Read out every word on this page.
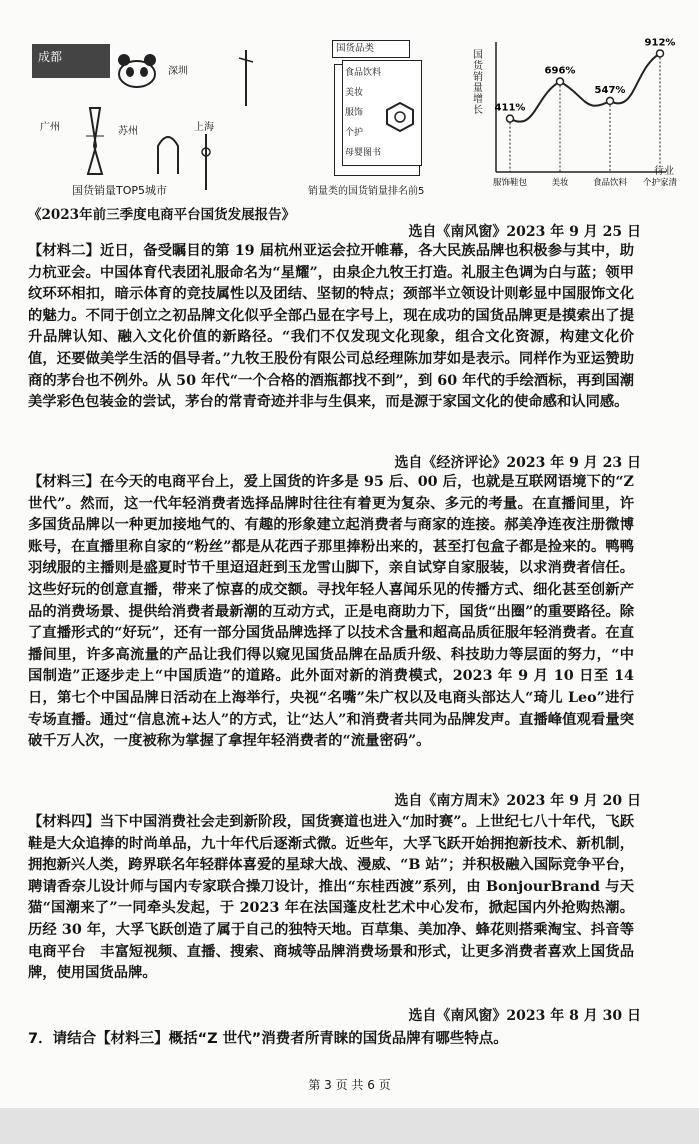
成都
深圳
广州	苏州	上海
国货销量TOP5城市
国货品类
食品饮料
美妆
服饰
个护
母婴图书
销量类的国货销量排名前5
411%
服饰鞋包
696%
美妆
547%
食品饮料
912%
个护家清
国货销量增长
行业
《2023年前三季度电商平台国货发展报告》
选自《南风窗》2023 年 9 月 25 日

【材料二】近日，备受瞩目的第 19 届杭州亚运会拉开帷幕，各大民族品牌也积极参与其中，助力杭亚会。中国体育代表团礼服命名为“星耀”，由泉企九牧王打造。礼服主色调为白与蓝；领甲纹环环相扣，暗示体育的竞技属性以及团结、坚韧的特点；颈部半立领设计则彰显中国服饰文化的魅力。不同于创立之初品牌文化似乎全部凸显在字号上，现在成功的国货品牌更是摸索出了提升品牌认知、融入文化价值的新路径。“我们不仅发现文化现象，组合文化资源，构建文化价值，还要做美学生活的倡导者。”九牧王股份有限公司总经理陈加芽如是表示。同样作为亚运赞助商的茅台也不例外。从 50 年代“一个合格的酒瓶都找不到”，到 60 年代的手绘酒标，再到国潮美学彩色包装金的尝试，茅台的常青奇迹并非与生俱来，而是源于家国文化的使命感和认同感。

选自《经济评论》2023 年 9 月 23 日

【材料三】在今天的电商平台上，爱上国货的许多是 95 后、00 后，也就是互联网语境下的“Z 世代”。然而，这一代年轻消费者选择品牌时往往有着更为复杂、多元的考量。在直播间里，许多国货品牌以一种更加接地气的、有趣的形象建立起消费者与商家的连接。郝美净连夜注册微博账号，在直播里称自家的“粉丝”都是从花西子那里捧粉出来的，甚至打包盒子都是捡来的。鸭鸭羽绒服的主播则是盛夏时节千里迢迢赶到玉龙雪山脚下，亲自试穿自家服装，以求消费者信任。这些好玩的创意直播，带来了惊喜的成交额。寻找年轻人喜闻乐见的传播方式、细化甚至创新产品的消费场景、提供给消费者最新潮的互动方式，正是电商助力下，国货“出圈”的重要路径。除了直播形式的“好玩”，还有一部分国货品牌选择了以技术含量和超高品质征服年轻消费者。在直播间里，许多高流量的产品让我们得以窥见国货品牌在品质升级、科技助力等层面的努力，“中国制造”正逐步走上“中国质造”的道路。此外面对新的消费模式，2023 年 9 月 10 日至 14 日，第七个中国品牌日活动在上海举行，央视“名嘴”朱广权以及电商头部达人“琦儿 Leo”进行专场直播。通过“信息流+达人”的方式，让“达人”和消费者共同为品牌发声。直播峰值观看量突破千万人次，一度被称为掌握了拿捏年轻消费者的“流量密码”。

选自《南方周末》2023 年 9 月 20 日

【材料四】当下中国消费社会走到新阶段，国货赛道也进入“加时赛”。上世纪七八十年代，飞跃鞋是大众追捧的时尚单品，九十年代后逐渐式微。近些年，大孚飞跃开始拥抱新技术、新机制，拥抱新兴人类，跨界联名年轻群体喜爱的星球大战、漫威、“B 站”；并积极融入国际竞争平台，聘请香奈儿设计师与国内专家联合操刀设计，推出“东桂西渡”系列，由 BonjourBrand 与天猫“国潮来了”一同牵头发起，于 2023 年在法国蓬皮杜艺术中心发布，掀起国内外抢购热潮。历经 30 年，大孚飞跃创造了属于自己的独特天地。百草集、美加净、蜂花则搭乘淘宝、抖音等电商平台　丰富短视频、直播、搜索、商城等品牌消费场景和形式，让更多消费者喜欢上国货品牌，使用国货品牌。

选自《南风窗》2023 年 8 月 30 日
7．请结合【材料三】概括“Z 世代”消费者所青睐的国货品牌有哪些特点。
第 3 页 共 6 页
